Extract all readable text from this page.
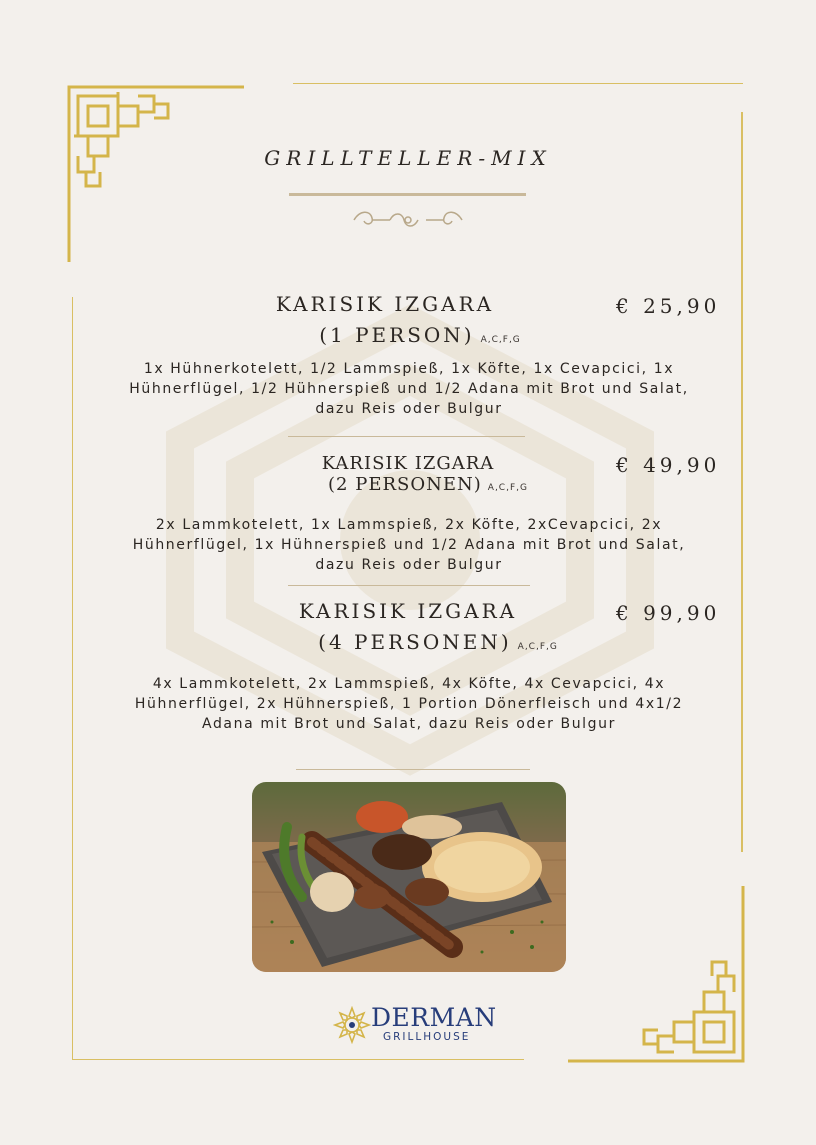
GRILLTELLER-MIX
KARISIK IZGARA
(1 PERSON) A,C,F,G
€ 25,90
1x Hühnerkotelett, 1/2 Lammspieß, 1x Köfte, 1x Cevapcici, 1x Hühnerflügel, 1/2 Hühnerspieß und 1/2 Adana mit Brot und Salat, dazu Reis oder Bulgur
KARISIK IZGARA
(2 PERSONEN) A,C,F,G
€ 49,90
2x Lammkotelett, 1x Lammspieß, 2x Köfte, 2xCevapcici, 2x Hühnerflügel, 1x Hühnerspieß und 1/2 Adana mit Brot und Salat, dazu Reis oder Bulgur
KARISIK IZGARA
(4 PERSONEN) A,C,F,G
€ 99,90
4x Lammkotelett, 2x Lammspieß, 4x Köfte, 4x Cevapcici, 4x Hühnerflügel, 2x Hühnerspieß, 1 Portion Dönerfleisch und 4x1/2 Adana mit Brot und Salat, dazu Reis oder Bulgur
DERMAN
GRILLHOUSE
